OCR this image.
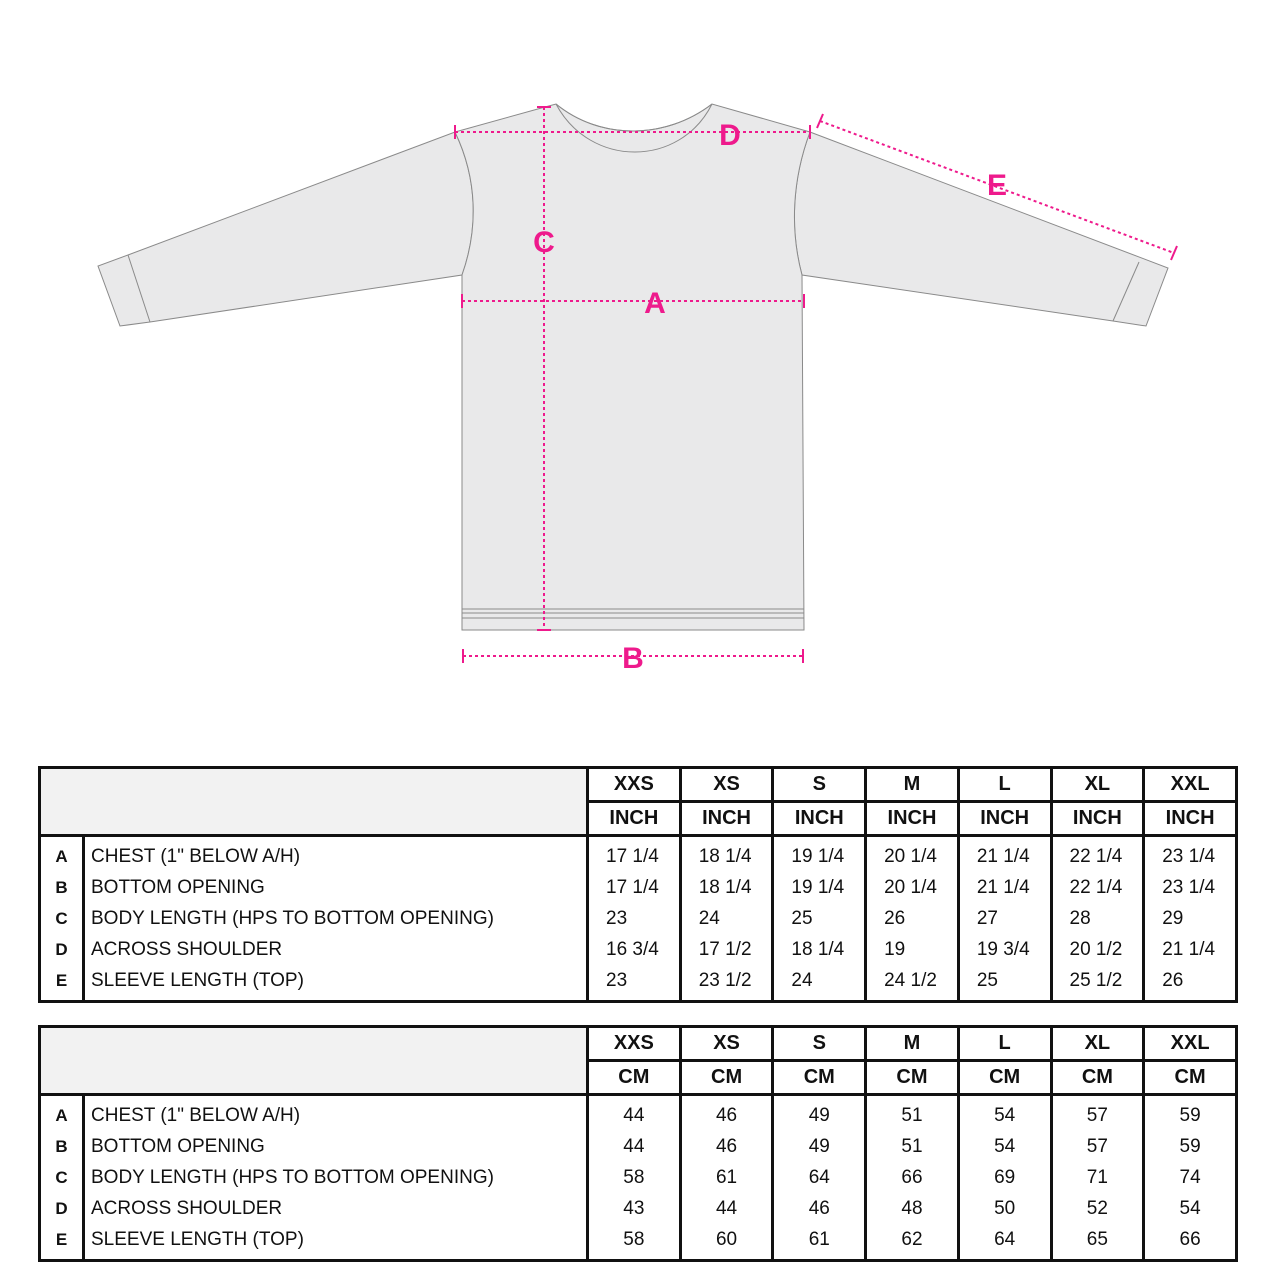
D
A
C
B
E
		XXS	XS	S	M	L	XL	XXL
		INCH	INCH	INCH	INCH	INCH	INCH	INCH
A	CHEST (1" BELOW A/H)	17 1/4	18 1/4	19 1/4	20 1/4	21 1/4	22 1/4	23 1/4
B	BOTTOM OPENING	17 1/4	18 1/4	19 1/4	20 1/4	21 1/4	22 1/4	23 1/4
C	BODY LENGTH (HPS TO BOTTOM OPENING)	23	24	25	26	27	28	29
D	ACROSS SHOULDER	16 3/4	17 1/2	18 1/4	19	19 3/4	20 1/2	21 1/4
E	SLEEVE LENGTH (TOP)	23	23 1/2	24	24 1/2	25	25 1/2	26
		XXS	XS	S	M	L	XL	XXL
		CM	CM	CM	CM	CM	CM	CM
A	CHEST (1" BELOW A/H)	44	46	49	51	54	57	59
B	BOTTOM OPENING	44	46	49	51	54	57	59
C	BODY LENGTH (HPS TO BOTTOM OPENING)	58	61	64	66	69	71	74
D	ACROSS SHOULDER	43	44	46	48	50	52	54
E	SLEEVE LENGTH (TOP)	58	60	61	62	64	65	66
